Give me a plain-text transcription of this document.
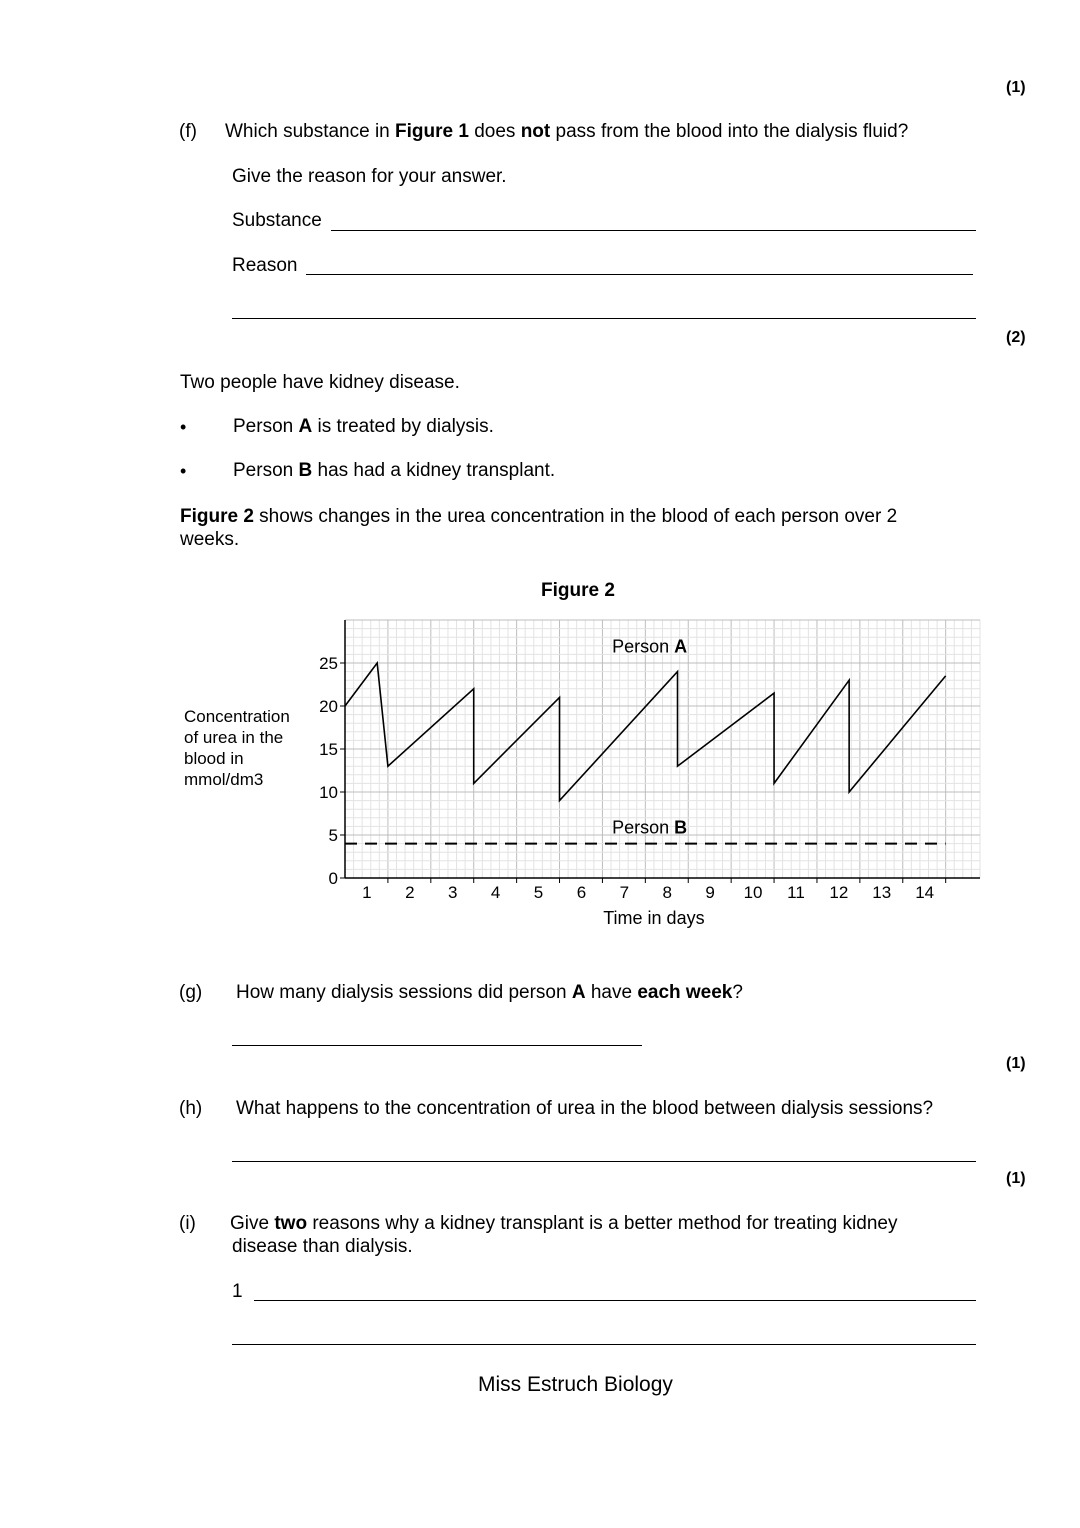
(1)
(2)
(1)
(1)
(f) Which substance in Figure 1 does not pass from the blood into the dialysis fluid?
Give the reason for your answer.
Substance
Reason
Two people have kidney disease.
• Person A is treated by dialysis.
• Person B has had a kidney transplant.
Figure 2 shows changes in the urea concentration in the blood of each person over 2
weeks.
Figure 2
Concentration
of urea in the
blood in
mmol/dm3
0
5
10
15
20
25
1 2 3 4 5 6 7 8 9 10 11 12 13 14
Time in days
Person A
Person B
(g) How many dialysis sessions did person A have each week?
(h) What happens to the concentration of urea in the blood between dialysis sessions?
(i) Give two reasons why a kidney transplant is a better method for treating kidney
disease than dialysis.
1
Miss Estruch Biology
